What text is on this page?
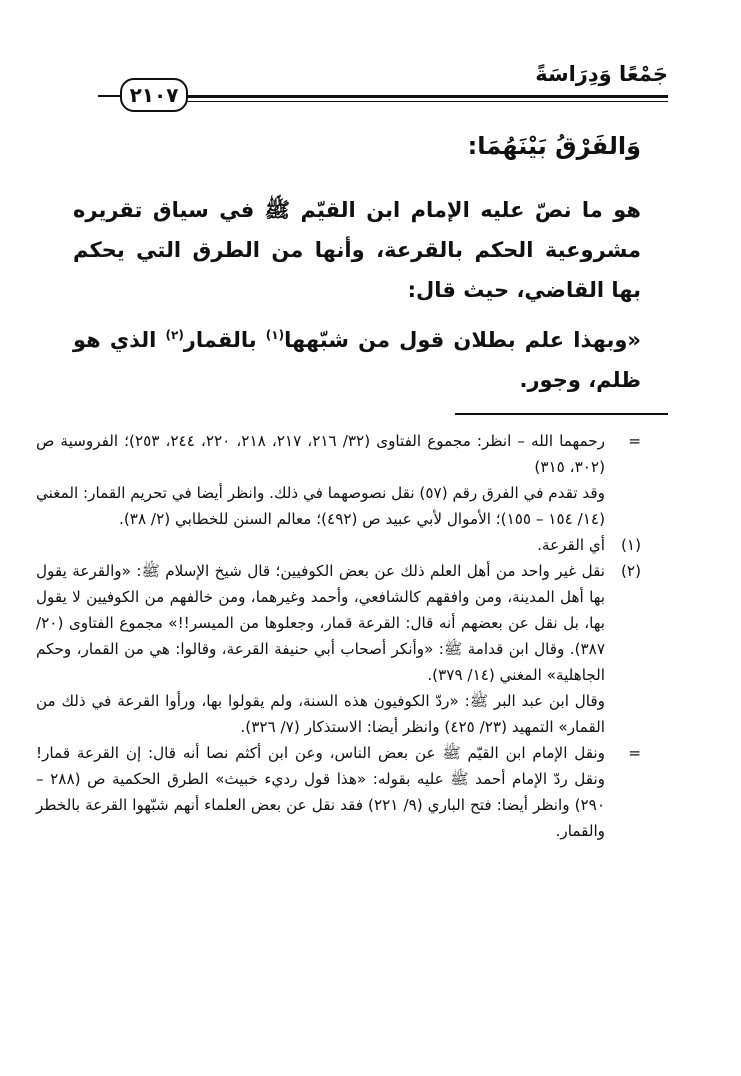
جَمْعًا وَدِرَاسَةً
٢١٠٧
وَالفَرْقُ بَيْنَهُمَا:
هو ما نصّ عليه الإمام ابن القيّم ﷺ في سياق تقريره مشروعية الحكم بالقرعة، وأنها من الطرق التي يحكم بها القاضي، حيث قال:
«وبهذا علم بطلان قول من شبّهها$^{(١)}$ بالقمار$^{(٢)}$ الذي هو ظلم، وجور.
=
رحمهما الله – انظر: مجموع الفتاوى (٣٢/ ٢١٦، ٢١٧، ٢١٨، ٢٢٠، ٢٤٤، ٢٥٣)؛ الفروسية ص (٣٠٢، ٣١٥)
وقد تقدم في الفرق رقم (٥٧) نقل نصوصهما في ذلك. وانظر أيضا في تحريم القمار: المغني (١٤/ ١٥٤ – ١٥٥)؛ الأموال لأبي عبيد ص (٤٩٢)؛ معالم السنن للخطابي (٢/ ٣٨).
(١)
أي القرعة.
(٢)
نقل غير واحد من أهل العلم ذلك عن بعض الكوفيين؛ قال شيخ الإسلام ﷺ: «والقرعة يقول بها أهل المدينة، ومن وافقهم كالشافعي، وأحمد وغيرهما، ومن خالفهم من الكوفيين لا يقول بها، بل نقل عن بعضهم أنه قال: القرعة قمار، وجعلوها من الميسر!!» مجموع الفتاوى (٢٠/ ٣٨٧). وقال ابن قدامة ﷺ: «وأنكر أصحاب أبي حنيفة القرعة، وقالوا: هي من القمار، وحكم الجاهلية» المغني (١٤/ ٣٧٩).
وقال ابن عبد البر ﷺ: «ردّ الكوفيون هذه السنة، ولم يقولوا بها، ورأوا القرعة في ذلك من القمار» التمهيد (٢٣/ ٤٢٥) وانظر أيضا: الاستذكار (٧/ ٣٢٦).
=
ونقل الإمام ابن القيّم ﷺ عن بعض الناس، وعن ابن أكثم نصا أنه قال: إن القرعة قمار! ونقل ردّ الإمام أحمد ﷺ عليه بقوله: «هذا قول رديء خبيث» الطرق الحكمية ص (٢٨٨ – ٢٩٠) وانظر أيضا: فتح الباري (٩/ ٢٢١) فقد نقل عن بعض العلماء أنهم شبّهوا القرعة بالخطر والقمار.
